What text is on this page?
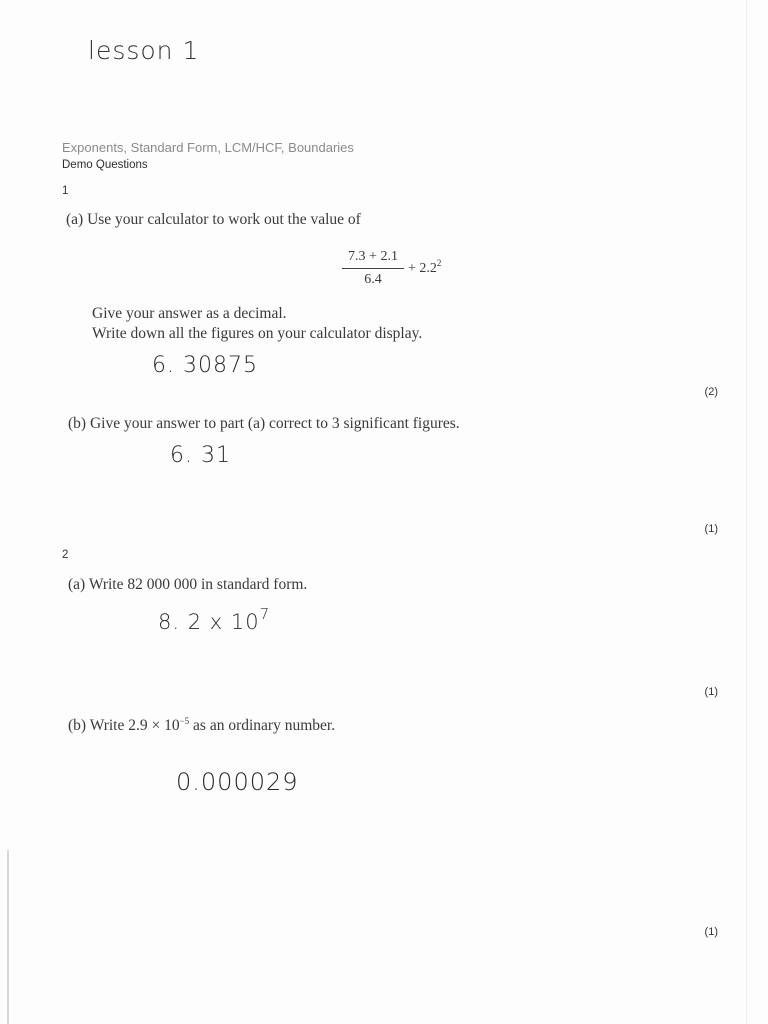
lesson 1
Exponents, Standard Form, LCM/HCF, Boundaries
Demo Questions
1
(a) Use your calculator to work out the value of
$\frac{7.3 + 2.1}{6.4} + 2.2^2$
Give your answer as a decimal.
Write down all the figures on your calculator display.
6. 30875
(2)
(b) Give your answer to part (a) correct to 3 significant figures.
6. 31
(1)
2
(a) Write 82 000 000 in standard form.
8. 2 x $10^7$
(1)
(b) Write $2.9 \times 10^{-5}$ as an ordinary number.
0.000029
(1)
